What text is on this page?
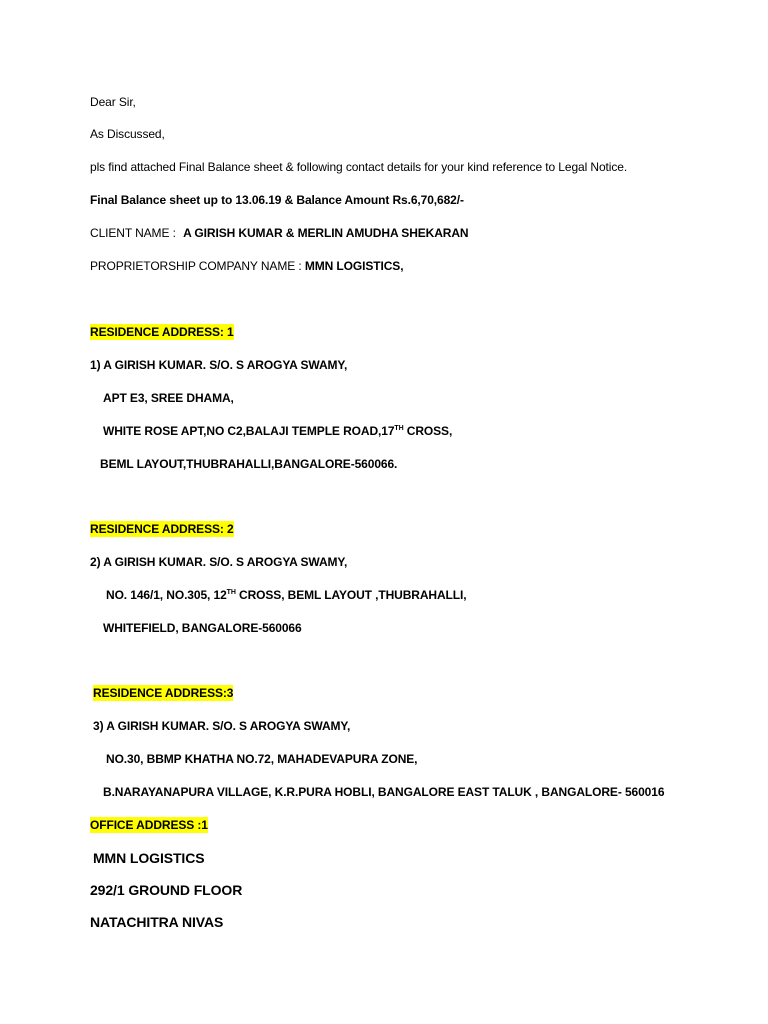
Dear Sir,
As Discussed,
pls find attached Final Balance sheet & following contact details for your kind reference to Legal Notice.
Final Balance sheet up to 13.06.19 & Balance Amount Rs.6,70,682/-
CLIENT NAME : A GIRISH KUMAR & MERLIN AMUDHA SHEKARAN
PROPRIETORSHIP COMPANY NAME : MMN LOGISTICS,
RESIDENCE ADDRESS: 1
1) A GIRISH KUMAR. S/O. S AROGYA SWAMY,
APT E3, SREE DHAMA,
WHITE ROSE APT,NO C2,BALAJI TEMPLE ROAD,17TH CROSS,
BEML LAYOUT,THUBRAHALLI,BANGALORE-560066.
RESIDENCE ADDRESS: 2
2) A GIRISH KUMAR. S/O. S AROGYA SWAMY,
NO. 146/1, NO.305, 12TH CROSS, BEML LAYOUT ,THUBRAHALLI,
WHITEFIELD, BANGALORE-560066
RESIDENCE ADDRESS:3
3) A GIRISH KUMAR. S/O. S AROGYA SWAMY,
NO.30, BBMP KHATHA NO.72, MAHADEVAPURA ZONE,
B.NARAYANAPURA VILLAGE, K.R.PURA HOBLI, BANGALORE EAST TALUK , BANGALORE- 560016
OFFICE ADDRESS :1
MMN LOGISTICS
292/1 GROUND FLOOR
NATACHITRA NIVAS
